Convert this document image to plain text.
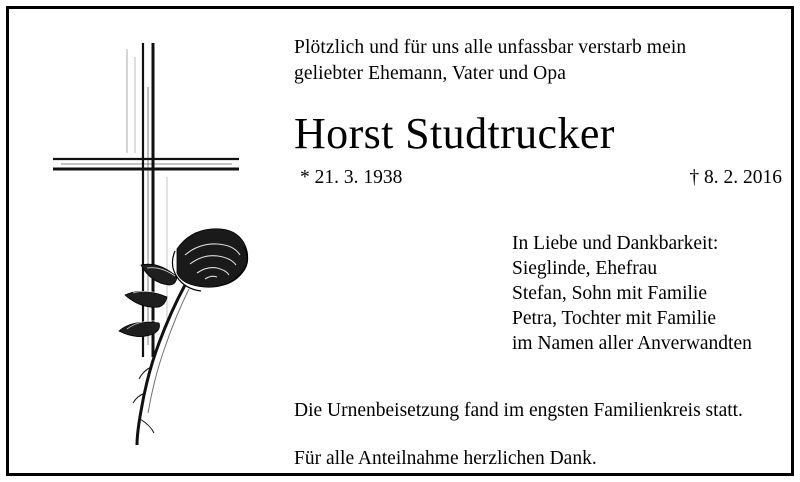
Plötzlich und für uns alle unfassbar verstarb mein
geliebter Ehemann, Vater und Opa
Horst Studtrucker
* 21. 3. 1938	† 8. 2. 2016
In Liebe und Dankbarkeit:
Sieglinde, Ehefrau
Stefan, Sohn mit Familie
Petra, Tochter mit Familie
im Namen aller Anverwandten
Die Urnenbeisetzung fand im engsten Familienkreis statt.
Für alle Anteilnahme herzlichen Dank.
